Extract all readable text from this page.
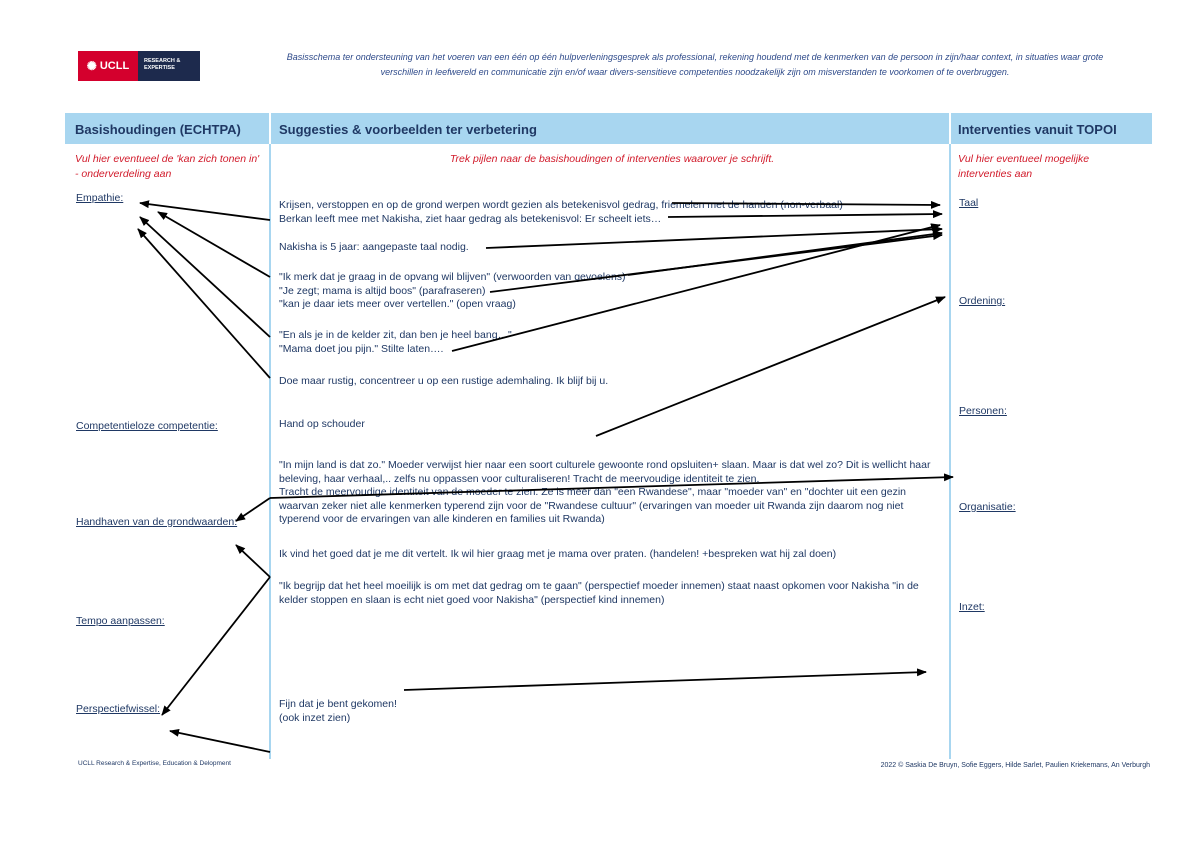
✺ UCLL	RESEARCH &
EXPERTISE
Basisschema ter ondersteuning van het voeren van een één op één hulpverleningsgesprek als professional, rekening houdend met de kenmerken van de persoon in zijn/haar context, in situaties waar grote
verschillen in leefwereld en communicatie zijn en/of waar divers-sensitieve competenties noodzakelijk zijn om misverstanden te voorkomen of te overbruggen.
Basishoudingen (ECHTPA)	Suggesties & voorbeelden ter verbetering	Interventies vanuit TOPOI
Vul hier eventueel de 'kan zich tonen in' - onderverdeling aan
Trek pijlen naar de basishoudingen of interventies waarover je schrijft.	Vul hier eventueel mogelijke interventies aan
Empathie:
Competentieloze competentie:
Handhaven van de grondwaarden:
Tempo aanpassen:
Perspectiefwissel:
Taal
Ordening:
Personen:
Organisatie:
Inzet:
Krijsen, verstoppen en op de grond werpen wordt gezien als betekenisvol gedrag, friemelen met de handen (non-verbaal)
Berkan leeft mee met Nakisha, ziet haar gedrag als betekenisvol: Er scheelt iets…
Nakisha is 5 jaar: aangepaste taal nodig.
"Ik merk dat je graag in de opvang wil blijven" (verwoorden van gevoelens)
"Je zegt; mama is altijd boos" (parafraseren)
"kan je daar iets meer over vertellen." (open vraag)
"En als je in de kelder zit, dan ben je heel bang…"
"Mama doet jou pijn." Stilte laten….
Doe maar rustig, concentreer u op een rustige ademhaling. Ik blijf bij u.
Hand op schouder
"In mijn land is dat zo." Moeder verwijst hier naar een soort culturele gewoonte rond opsluiten+ slaan. Maar is dat wel zo? Dit is wellicht haar
beleving, haar verhaal,.. zelfs nu oppassen voor culturaliseren! Tracht de meervoudige identiteit te zien.
Tracht de meervoudige identiteit van de moeder te zien. Ze is meer dan "een Rwandese", maar "moeder van" en "dochter uit een gezin
waarvan zeker niet alle kenmerken typerend zijn voor de "Rwandese cultuur" (ervaringen van moeder uit Rwanda zijn daarom nog niet
typerend voor de ervaringen van alle kinderen en families uit Rwanda)
Ik vind het goed dat je me dit vertelt. Ik wil hier graag met je mama over praten. (handelen! +bespreken wat hij zal doen)
"Ik begrijp dat het heel moeilijk is om met dat gedrag om te gaan" (perspectief moeder innemen) staat naast opkomen voor Nakisha "in de
kelder stoppen en slaan is echt niet goed voor Nakisha" (perspectief kind innemen)
Fijn dat je bent gekomen!
(ook inzet zien)
UCLL Research & Expertise, Education & Delopment	2022 © Saskia De Bruyn, Sofie Eggers, Hilde Sarlet, Paulien Kriekemans, An Verburgh
